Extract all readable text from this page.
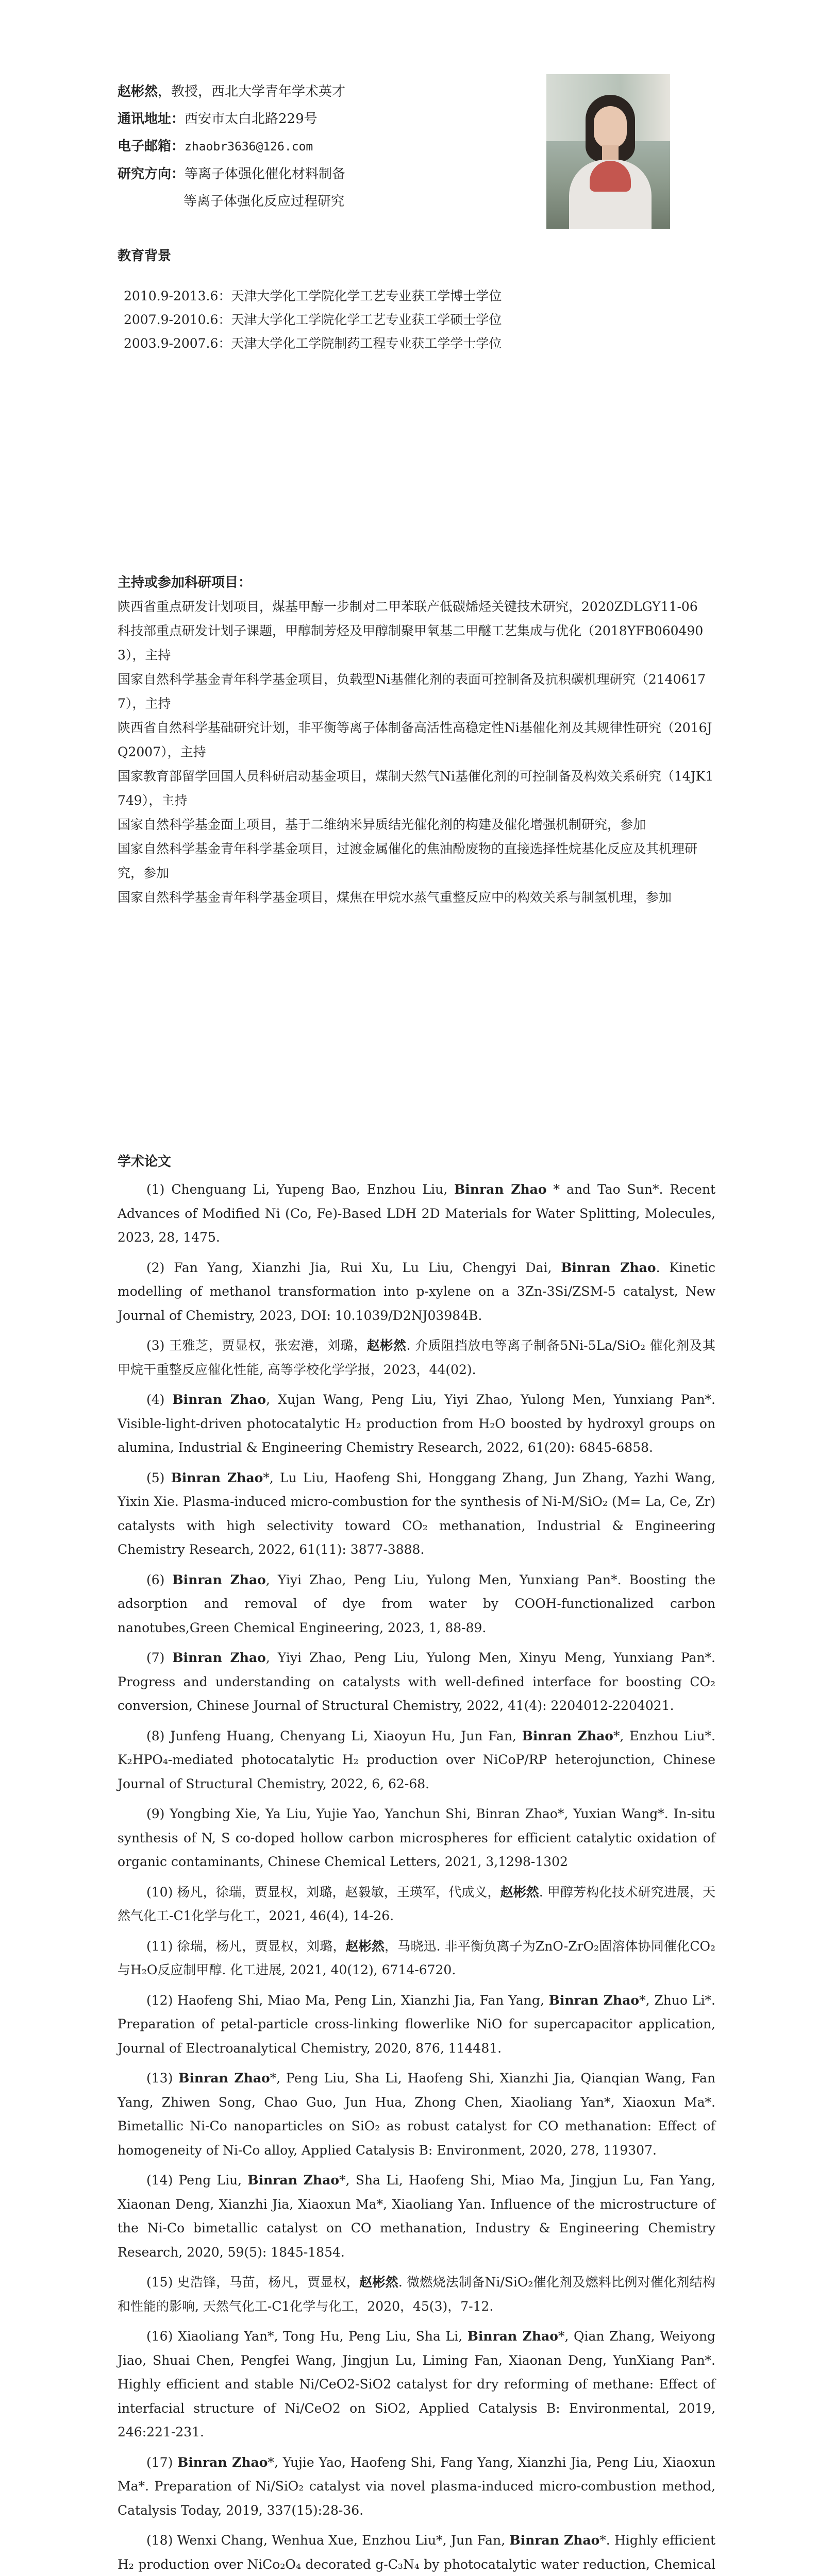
赵彬然，教授，西北大学青年学术英才
通讯地址：西安市太白北路229号
电子邮箱：zhaobr3636@126.com
研究方向：等离子体强化催化材料制备
等离子体强化反应过程研究
教育背景
2010.9-2013.6：天津大学化工学院化学工艺专业获工学博士学位
2007.9-2010.6：天津大学化工学院化学工艺专业获工学硕士学位
2003.9-2007.6：天津大学化工学院制药工程专业获工学学士学位
主持或参加科研项目：
陕西省重点研发计划项目，煤基甲醇一步制对二甲苯联产低碳烯烃关键技术研究，2020ZDLGY11-06
科技部重点研发计划子课题，甲醇制芳烃及甲醇制聚甲氧基二甲醚工艺集成与优化（2018YFB0604903），主持
国家自然科学基金青年科学基金项目，负载型Ni基催化剂的表面可控制备及抗积碳机理研究（21406177），主持
陕西省自然科学基础研究计划，非平衡等离子体制备高活性高稳定性Ni基催化剂及其规律性研究（2016JQ2007），主持
国家教育部留学回国人员科研启动基金项目，煤制天然气Ni基催化剂的可控制备及构效关系研究（14JK1749），主持
国家自然科学基金面上项目，基于二维纳米异质结光催化剂的构建及催化增强机制研究，参加
国家自然科学基金青年科学基金项目，过渡金属催化的焦油酚废物的直接选择性烷基化反应及其机理研究，参加
国家自然科学基金青年科学基金项目，煤焦在甲烷水蒸气重整反应中的构效关系与制氢机理，参加
学术论文
(1) Chenguang Li, Yupeng Bao, Enzhou Liu, Binran Zhao * and Tao Sun*. Recent Advances of Modified Ni (Co, Fe)-Based LDH 2D Materials for Water Splitting, Molecules, 2023, 28, 1475.
(2) Fan Yang, Xianzhi Jia, Rui Xu, Lu Liu, Chengyi Dai, Binran Zhao. Kinetic modelling of methanol transformation into p-xylene on a 3Zn-3Si/ZSM-5 catalyst, New Journal of Chemistry, 2023, DOI: 10.1039/D2NJ03984B.
(3) 王雅芝，贾显权，张宏港，刘璐，赵彬然. 介质阻挡放电等离子制备5Ni-5La/SiO₂ 催化剂及其甲烷干重整反应催化性能, 高等学校化学学报，2023，44(02).
(4) Binran Zhao, Xujan Wang, Peng Liu, Yiyi Zhao, Yulong Men, Yunxiang Pan*. Visible-light-driven photocatalytic H₂ production from H₂O boosted by hydroxyl groups on alumina, Industrial & Engineering Chemistry Research, 2022, 61(20): 6845-6858.
(5) Binran Zhao*, Lu Liu, Haofeng Shi, Honggang Zhang, Jun Zhang, Yazhi Wang, Yixin Xie. Plasma-induced micro-combustion for the synthesis of Ni-M/SiO₂ (M= La, Ce, Zr) catalysts with high selectivity toward CO₂ methanation, Industrial & Engineering Chemistry Research, 2022, 61(11): 3877-3888.
(6) Binran Zhao, Yiyi Zhao, Peng Liu, Yulong Men, Yunxiang Pan*. Boosting the adsorption and removal of dye from water by COOH-functionalized carbon nanotubes,Green Chemical Engineering, 2023, 1, 88-89.
(7) Binran Zhao, Yiyi Zhao, Peng Liu, Yulong Men, Xinyu Meng, Yunxiang Pan*. Progress and understanding on catalysts with well-defined interface for boosting CO₂ conversion, Chinese Journal of Structural Chemistry, 2022, 41(4): 2204012-2204021.
(8) Junfeng Huang, Chenyang Li, Xiaoyun Hu, Jun Fan, Binran Zhao*, Enzhou Liu*. K₂HPO₄-mediated photocatalytic H₂ production over NiCoP/RP heterojunction, Chinese Journal of Structural Chemistry, 2022, 6, 62-68.
(9) Yongbing Xie, Ya Liu, Yujie Yao, Yanchun Shi, Binran Zhao*, Yuxian Wang*. In-situ synthesis of N, S co-doped hollow carbon microspheres for efficient catalytic oxidation of organic contaminants, Chinese Chemical Letters, 2021, 3,1298-1302
(10) 杨凡，徐瑞，贾显权，刘璐，赵毅敏，王瑛军，代成义，赵彬然. 甲醇芳构化技术研究进展，天然气化工-C1化学与化工，2021, 46(4), 14-26.
(11) 徐瑞，杨凡，贾显权，刘璐，赵彬然，马晓迅. 非平衡负离子为ZnO-ZrO₂固溶体协同催化CO₂与H₂O反应制甲醇. 化工进展, 2021, 40(12), 6714-6720.
(12) Haofeng Shi, Miao Ma, Peng Lin, Xianzhi Jia, Fan Yang, Binran Zhao*, Zhuo Li*. Preparation of petal-particle cross-linking flowerlike NiO for supercapacitor application, Journal of Electroanalytical Chemistry, 2020, 876, 114481.
(13) Binran Zhao*, Peng Liu, Sha Li, Haofeng Shi, Xianzhi Jia, Qianqian Wang, Fan Yang, Zhiwen Song, Chao Guo, Jun Hua, Zhong Chen, Xiaoliang Yan*, Xiaoxun Ma*. Bimetallic Ni-Co nanoparticles on SiO₂ as robust catalyst for CO methanation: Effect of homogeneity of Ni-Co alloy, Applied Catalysis B: Environment, 2020, 278, 119307.
(14) Peng Liu, Binran Zhao*, Sha Li, Haofeng Shi, Miao Ma, Jingjun Lu, Fan Yang, Xiaonan Deng, Xianzhi Jia, Xiaoxun Ma*, Xiaoliang Yan. Influence of the microstructure of the Ni-Co bimetallic catalyst on CO methanation, Industry & Engineering Chemistry Research, 2020, 59(5): 1845-1854.
(15) 史浩锋，马苗，杨凡，贾显权，赵彬然. 微燃烧法制备Ni/SiO₂催化剂及燃料比例对催化剂结构和性能的影响, 天然气化工-C1化学与化工，2020，45(3)，7-12.
(16) Xiaoliang Yan*, Tong Hu, Peng Liu, Sha Li, Binran Zhao*, Qian Zhang, Weiyong Jiao, Shuai Chen, Pengfei Wang, Jingjun Lu, Liming Fan, Xiaonan Deng, YunXiang Pan*. Highly efficient and stable Ni/CeO2-SiO2 catalyst for dry reforming of methane: Effect of interfacial structure of Ni/CeO2 on SiO2, Applied Catalysis B: Environmental, 2019, 246:221-231.
(17) Binran Zhao*, Yujie Yao, Haofeng Shi, Fang Yang, Xianzhi Jia, Peng Liu, Xiaoxun Ma*. Preparation of Ni/SiO₂ catalyst via novel plasma-induced micro-combustion method, Catalysis Today, 2019, 337(15):28-36.
(18) Wenxi Chang, Wenhua Xue, Enzhou Liu*, Jun Fan, Binran Zhao*. Highly efficient H₂ production over NiCo₂O₄ decorated g-C₃N₄ by photocatalytic water reduction, Chemical
